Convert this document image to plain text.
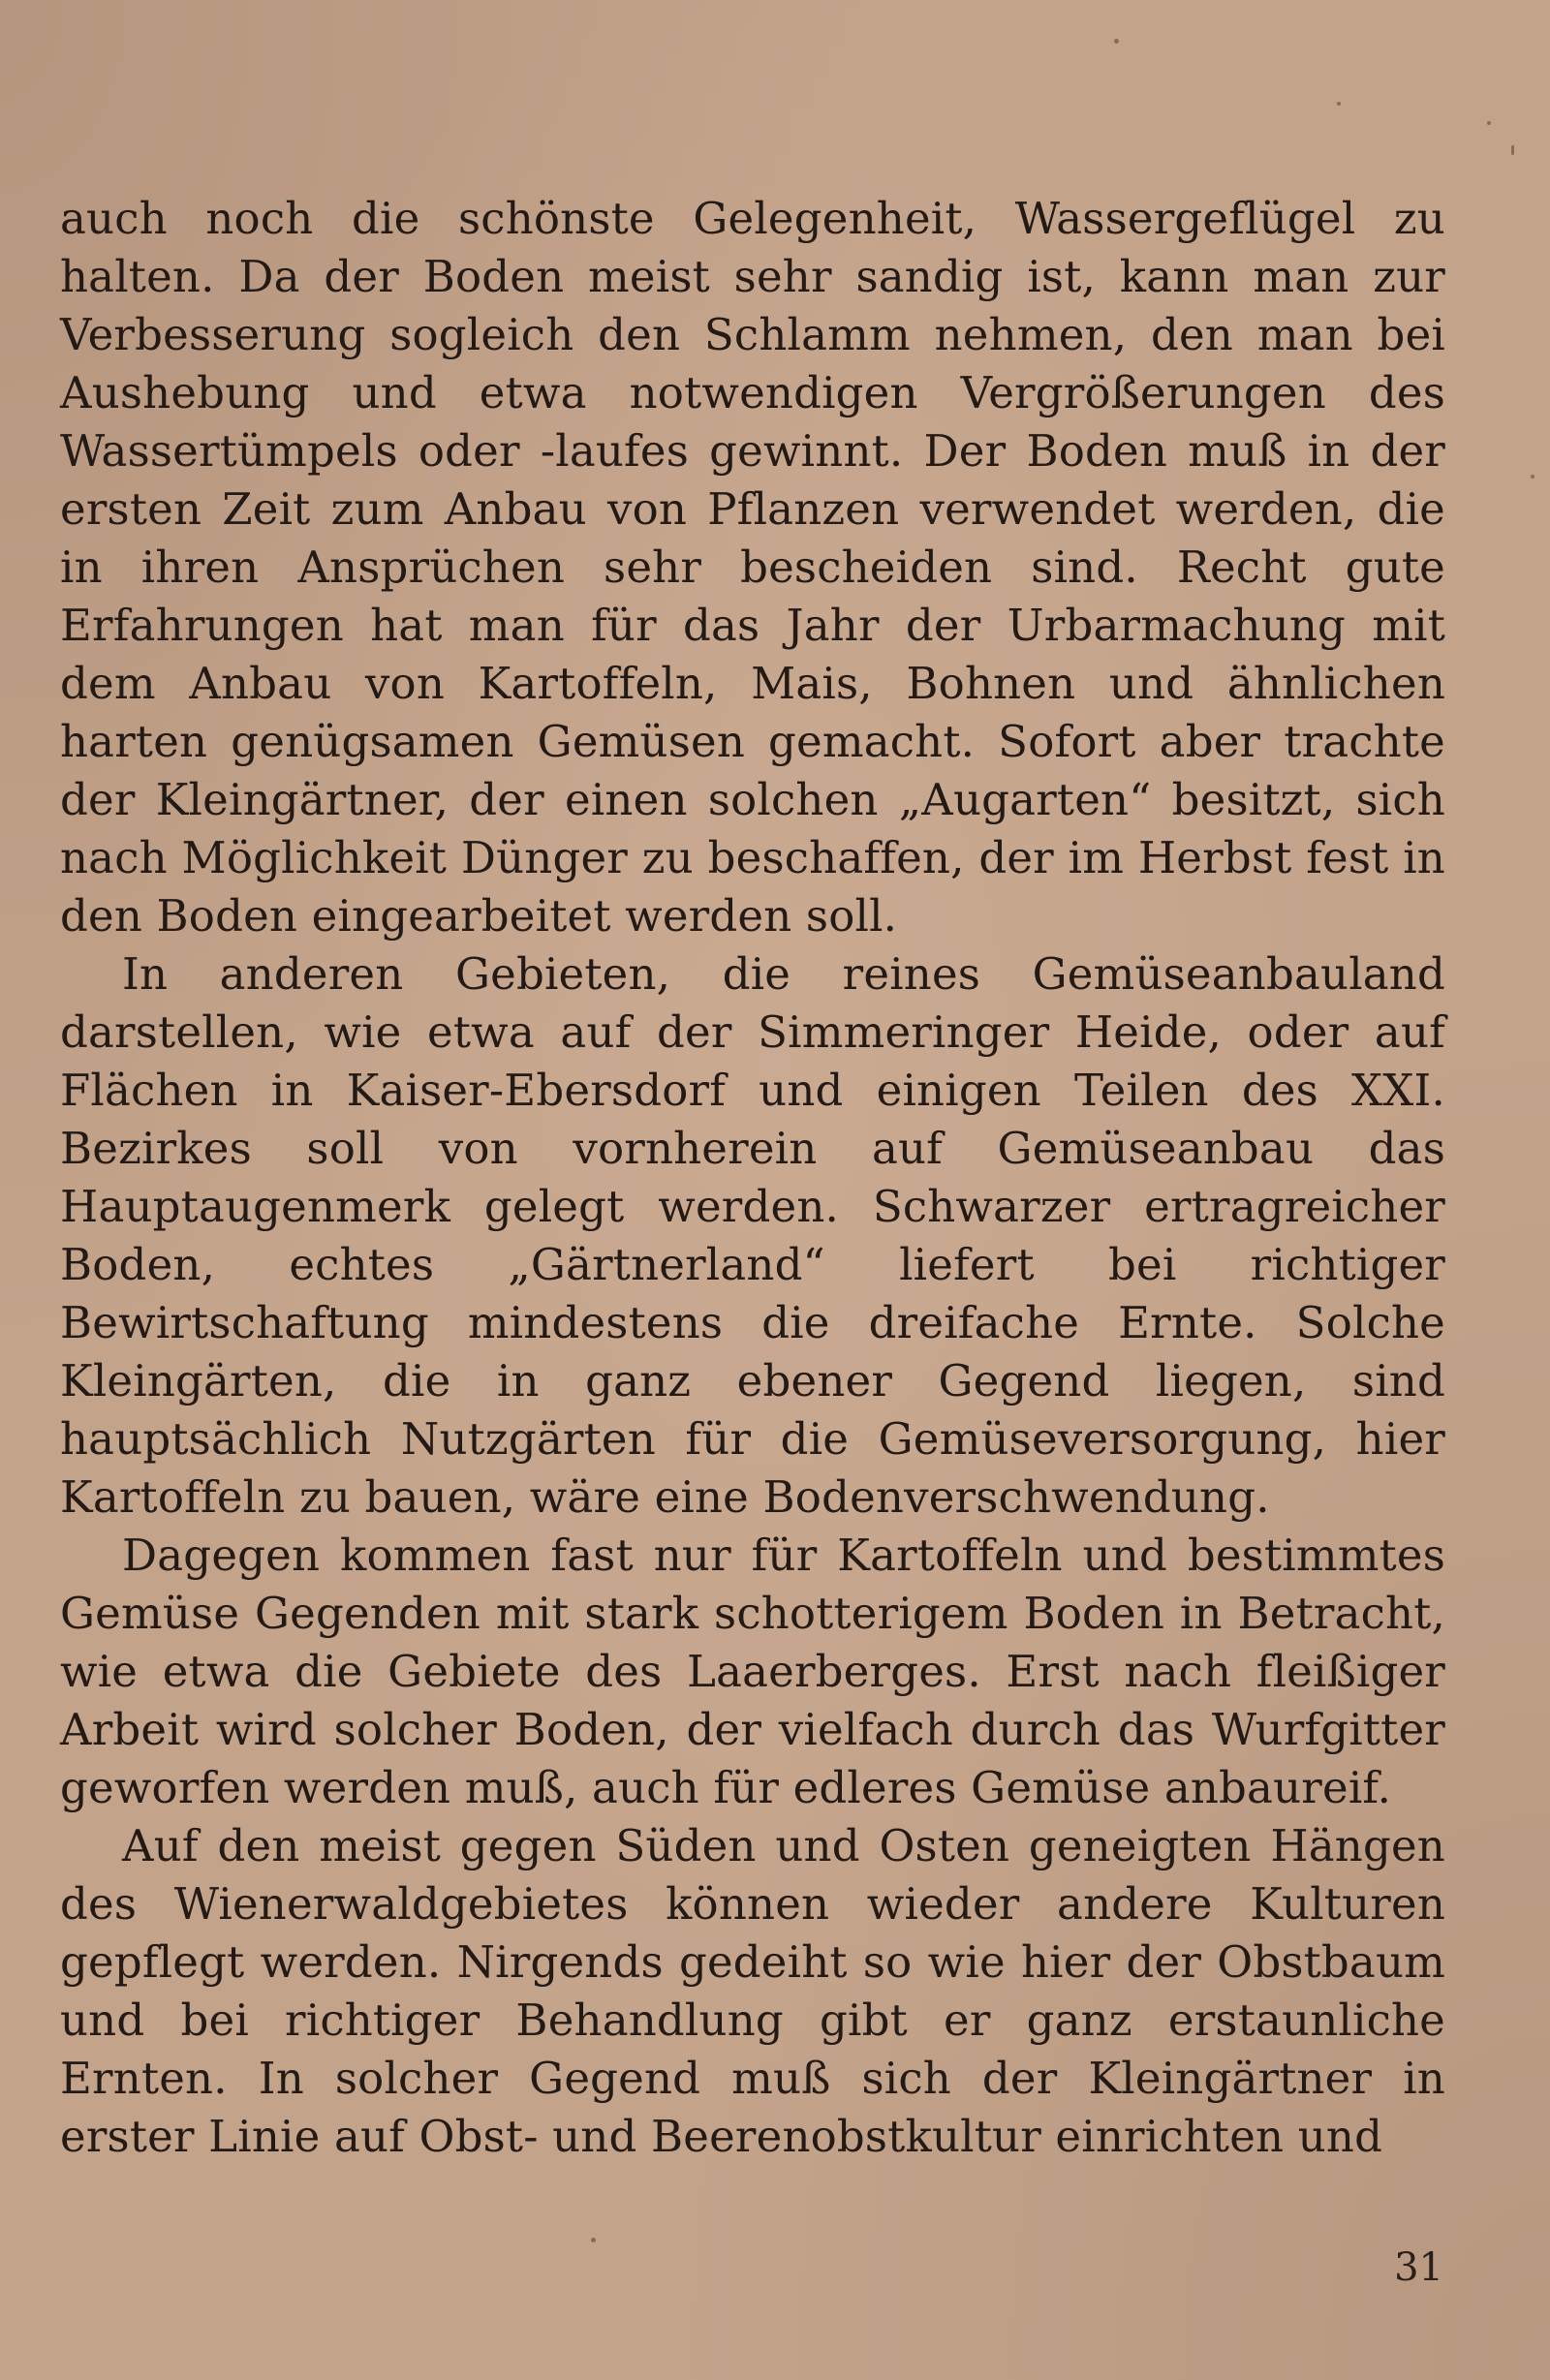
auch noch die schönste Gelegenheit, Wassergeflügel zu halten. Da der Boden meist sehr sandig ist, kann man zur Verbesserung sogleich den Schlamm nehmen, den man bei Aushebung und etwa notwendigen Vergrößerungen des Wassertümpels oder -laufes gewinnt. Der Boden muß in der ersten Zeit zum Anbau von Pflanzen verwendet werden, die in ihren Ansprüchen sehr bescheiden sind. Recht gute Erfahrungen hat man für das Jahr der Urbarmachung mit dem Anbau von Kartoffeln, Mais, Bohnen und ähnlichen harten genügsamen Gemüsen gemacht. Sofort aber trachte der Kleingärtner, der einen solchen „Augarten“ besitzt, sich nach Möglichkeit Dünger zu beschaffen, der im Herbst fest in den Boden eingearbeitet werden soll.

In anderen Gebieten, die reines Gemüseanbauland darstellen, wie etwa auf der Simmeringer Heide, oder auf Flächen in Kaiser-Ebersdorf und einigen Teilen des XXI. Bezirkes soll von vornherein auf Gemüseanbau das Hauptaugenmerk gelegt werden. Schwarzer ertragreicher Boden, echtes „Gärtnerland“ liefert bei richtiger Bewirtschaftung mindestens die dreifache Ernte. Solche Kleingärten, die in ganz ebener Gegend liegen, sind hauptsächlich Nutzgärten für die Gemüseversorgung, hier Kartoffeln zu bauen, wäre eine Bodenverschwendung.

Dagegen kommen fast nur für Kartoffeln und bestimmtes Gemüse Gegenden mit stark schotterigem Boden in Betracht, wie etwa die Gebiete des Laaerberges. Erst nach fleißiger Arbeit wird solcher Boden, der vielfach durch das Wurfgitter geworfen werden muß, auch für edleres Gemüse anbaureif.

Auf den meist gegen Süden und Osten geneigten Hängen des Wienerwaldgebietes können wieder andere Kulturen gepflegt werden. Nirgends gedeiht so wie hier der Obstbaum und bei richtiger Behandlung gibt er ganz erstaunliche Ernten. In solcher Gegend muß sich der Kleingärtner in erster Linie auf Obst- und Beerenobstkultur einrichten und

31
